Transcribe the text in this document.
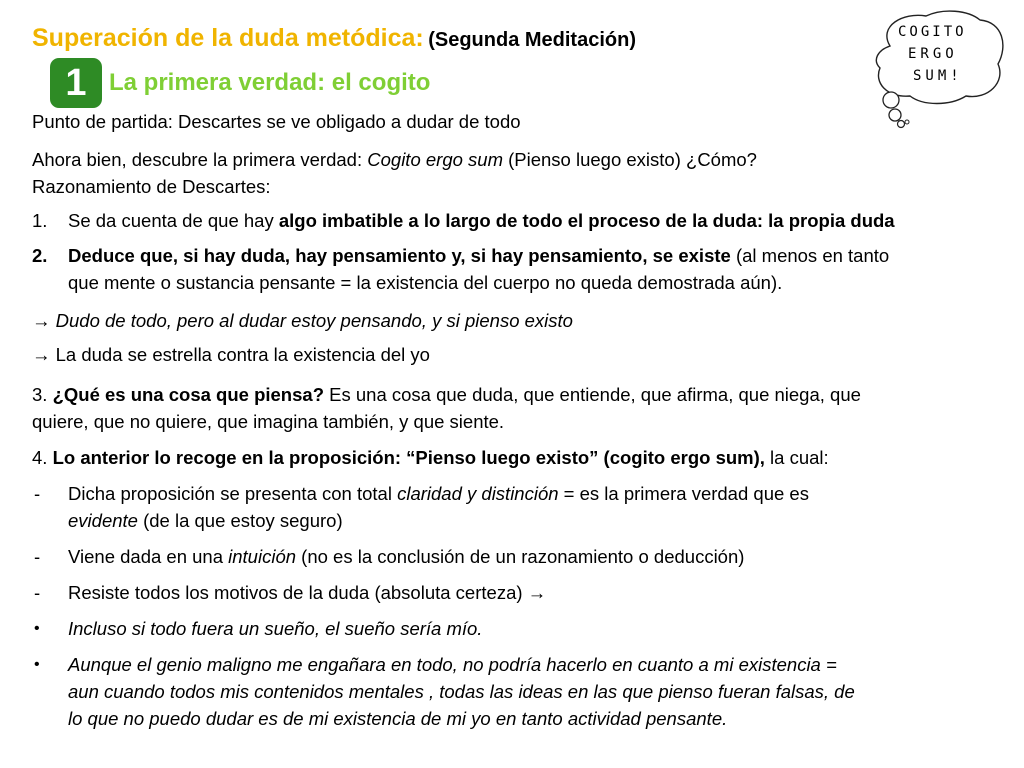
Superación de la duda metódica: (Segunda Meditación)
1 La primera verdad: el cogito
COGITO
ERGO
SUM!
Punto de partida: Descartes se ve obligado a dudar de todo
Ahora bien, descubre la primera verdad: Cogito ergo sum (Pienso luego existo) ¿Cómo?
Razonamiento de Descartes:
1. Se da cuenta de que hay algo imbatible a lo largo de todo el proceso de la duda: la propia duda
2. Deduce que, si hay duda, hay pensamiento y, si hay pensamiento, se existe (al menos en tanto
que mente o sustancia pensante = la existencia del cuerpo no queda demostrada aún).
→ Dudo de todo, pero al dudar estoy pensando, y si pienso existo
→ La duda se estrella contra la existencia del yo
3. ¿Qué es una cosa que piensa? Es una cosa que duda, que entiende, que afirma, que niega, que
quiere, que no quiere, que imagina también, y que siente.
4. Lo anterior lo recoge en la proposición: “Pienso luego existo” (cogito ergo sum), la cual:
- Dicha proposición se presenta con total claridad y distinción = es la primera verdad que es
evidente (de la que estoy seguro)
- Viene dada en una intuición (no es la conclusión de un razonamiento o deducción)
- Resiste todos los motivos de la duda (absoluta certeza) →
• Incluso si todo fuera un sueño, el sueño sería mío.
• Aunque el genio maligno me engañara en todo, no podría hacerlo en cuanto a mi existencia =
aun cuando todos mis contenidos mentales , todas las ideas en las que pienso fueran falsas, de
lo que no puedo dudar es de mi existencia de mi yo en tanto actividad pensante.
